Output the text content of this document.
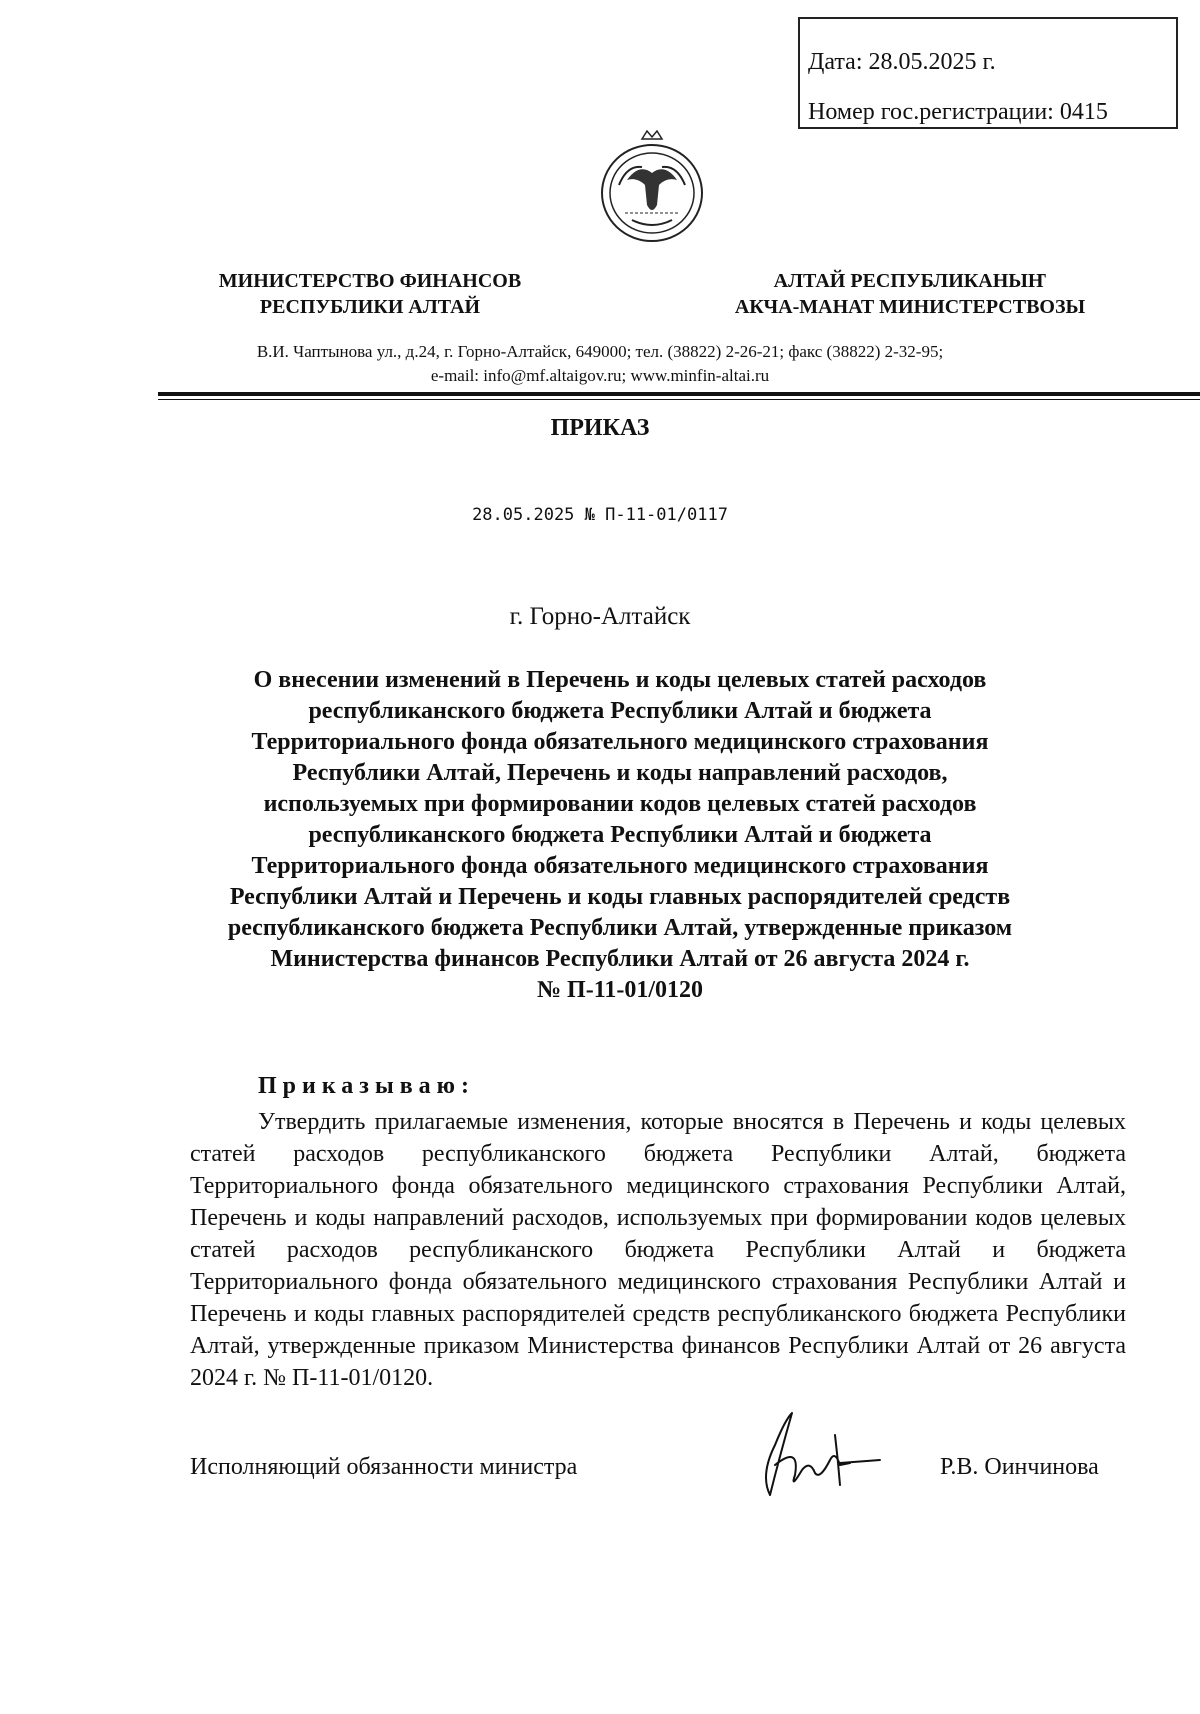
Дата: 28.05.2025 г.
Номер гос.регистрации: 0415
МИНИСТЕРСТВО ФИНАНСОВ
РЕСПУБЛИКИ АЛТАЙ
АЛТАЙ РЕСПУБЛИКАНЫҤ
АКЧА-МАНАТ МИНИСТЕРСТВОЗЫ
В.И. Чаптынова ул., д.24, г. Горно-Алтайск, 649000; тел. (38822) 2-26-21; факс (38822) 2-32-95;
e-mail: info@mf.altaigov.ru; www.minfin-altai.ru
ПРИКАЗ
28.05.2025 № П-11-01/0117
г. Горно-Алтайск
О внесении изменений в Перечень и коды целевых статей расходов
республиканского бюджета Республики Алтай и бюджета
Территориального фонда обязательного медицинского страхования
Республики Алтай, Перечень и коды направлений расходов,
используемых при формировании кодов целевых статей расходов
республиканского бюджета Республики Алтай и бюджета
Территориального фонда обязательного медицинского страхования
Республики Алтай и Перечень и коды главных распорядителей средств
республиканского бюджета Республики Алтай, утвержденные приказом
Министерства финансов Республики Алтай от 26 августа 2024 г.
№ П-11-01/0120
Приказываю:

Утвердить прилагаемые изменения, которые вносятся в Перечень и коды целевых статей расходов республиканского бюджета Республики Алтай, бюджета Территориального фонда обязательного медицинского страхования Республики Алтай, Перечень и коды направлений расходов, используемых при формировании кодов целевых статей расходов республиканского бюджета Республики Алтай и бюджета Территориального фонда обязательного медицинского страхования Республики Алтай и Перечень и коды главных распорядителей средств республиканского бюджета Республики Алтай, утвержденные приказом Министерства финансов Республики Алтай от 26 августа 2024 г. № П-11-01/0120.

Исполняющий обязанности министра	Р.В. Оинчинова
